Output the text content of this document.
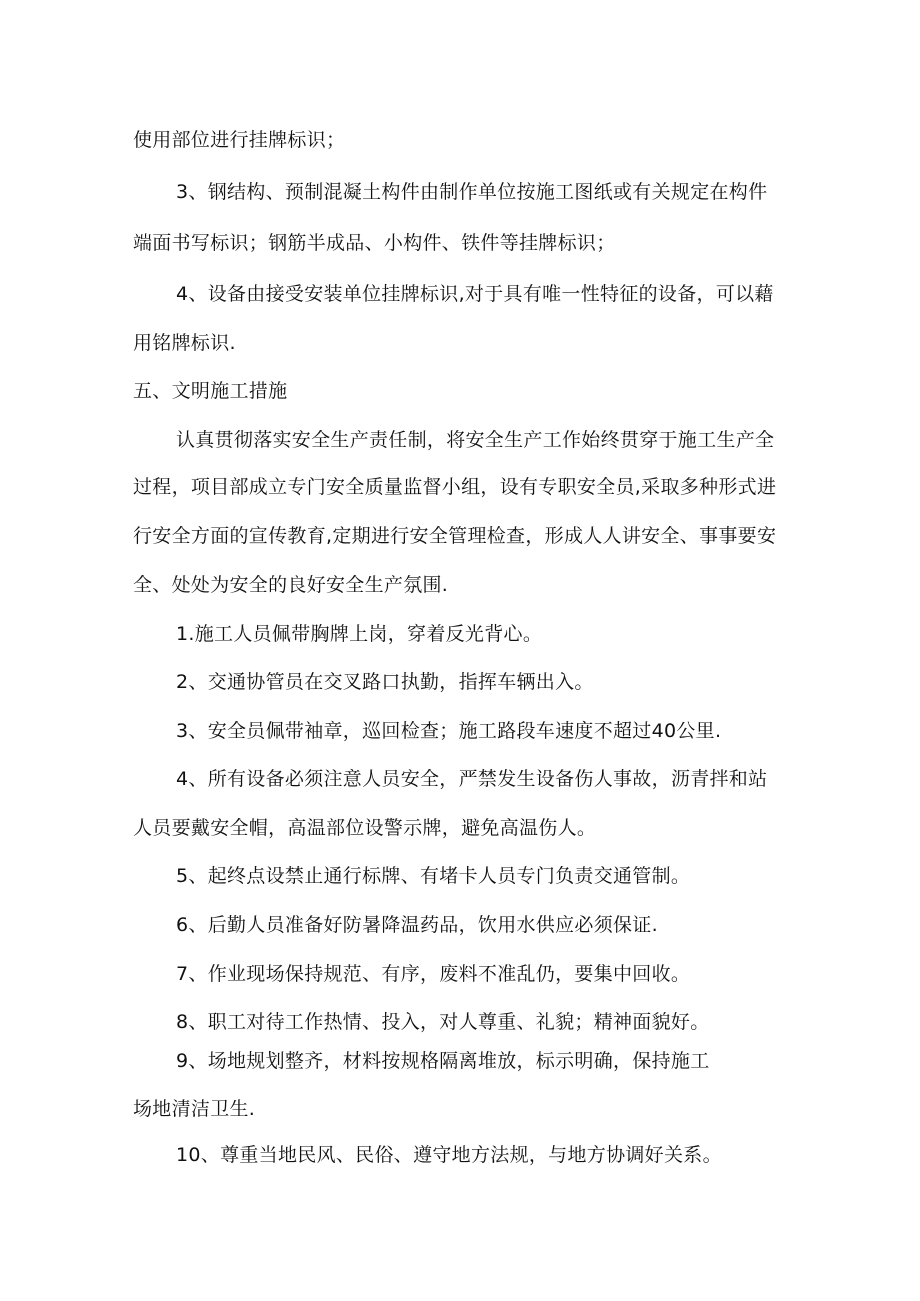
使用部位进行挂牌标识；
3、钢结构、预制混凝土构件由制作单位按施工图纸或有关规定在构件
端面书写标识；钢筋半成品、小构件、铁件等挂牌标识；
4、设备由接受安装单位挂牌标识,对于具有唯一性特征的设备，可以藉
用铭牌标识.
五、文明施工措施
认真贯彻落实安全生产责任制，将安全生产工作始终贯穿于施工生产全
过程，项目部成立专门安全质量监督小组，设有专职安全员,采取多种形式进
行安全方面的宣传教育,定期进行安全管理检查，形成人人讲安全、事事要安
全、处处为安全的良好安全生产氛围.
1.施工人员佩带胸牌上岗，穿着反光背心。
2、交通协管员在交叉路口执勤，指挥车辆出入。
3、安全员佩带袖章，巡回检查；施工路段车速度不超过40公里.
4、所有设备必须注意人员安全，严禁发生设备伤人事故，沥青拌和站
人员要戴安全帽，高温部位设警示牌，避免高温伤人。
5、起终点设禁止通行标牌、有堵卡人员专门负责交通管制。
6、后勤人员准备好防暑降温药品，饮用水供应必须保证.
7、作业现场保持规范、有序，废料不准乱仍，要集中回收。
8、职工对待工作热情、投入，对人尊重、礼貌；精神面貌好。
9、场地规划整齐，材料按规格隔离堆放，标示明确，保持施工
场地清洁卫生.
10、尊重当地民风、民俗、遵守地方法规，与地方协调好关系。
